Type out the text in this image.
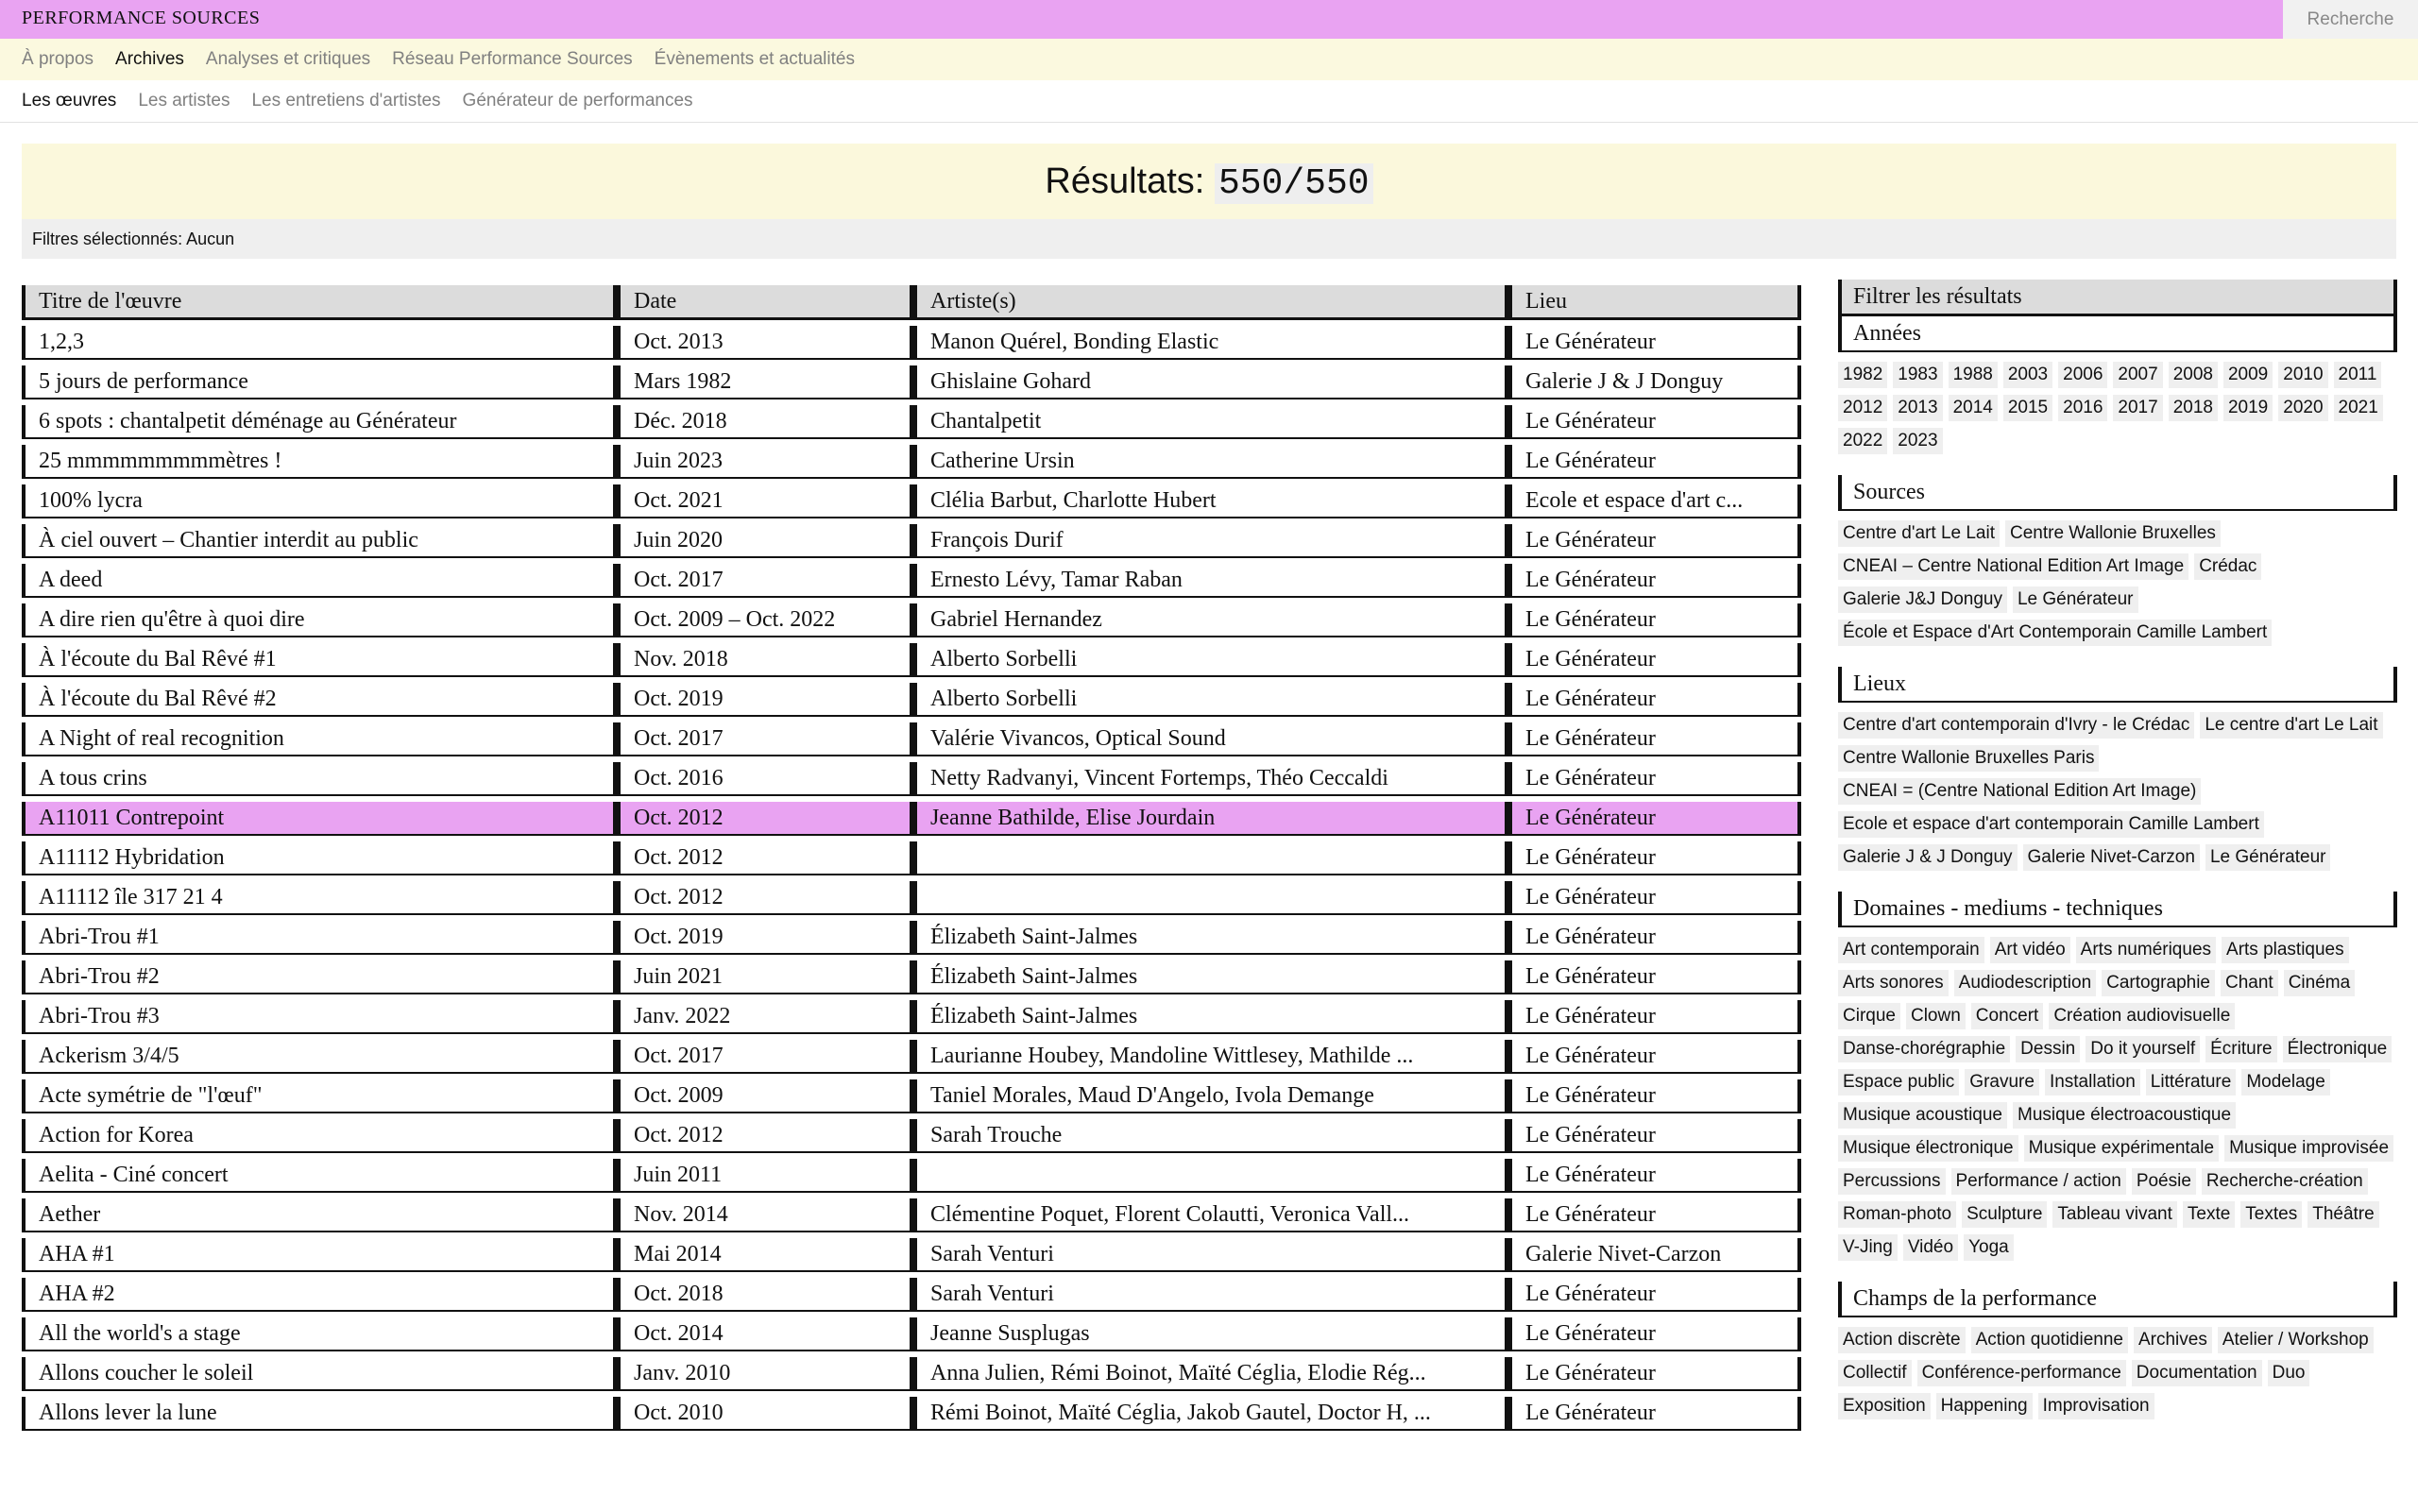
PERFORMANCE SOURCES	Recherche
À propos Archives Analyses et critiques Réseau Performance Sources Évènements et actualités
Les œuvres Les artistes Les entretiens d'artistes Générateur de performances
Résultats: 550/550
Filtres sélectionnés: Aucun
Titre de l'œuvre	Date	Artiste(s)	Lieu
1,2,3	Oct. 2013	Manon Quérel, Bonding Elastic	Le Générateur
5 jours de performance	Mars 1982	Ghislaine Gohard	Galerie J & J Donguy
6 spots : chantalpetit déménage au Générateur	Déc. 2018	Chantalpetit	Le Générateur
25 mmmmmmmmmètres !	Juin 2023	Catherine Ursin	Le Générateur
100% lycra	Oct. 2021	Clélia Barbut, Charlotte Hubert	Ecole et espace d'art c...
À ciel ouvert – Chantier interdit au public	Juin 2020	François Durif	Le Générateur
A deed	Oct. 2017	Ernesto Lévy, Tamar Raban	Le Générateur
A dire rien qu'être à quoi dire	Oct. 2009 – Oct. 2022	Gabriel Hernandez	Le Générateur
À l'écoute du Bal Rêvé #1	Nov. 2018	Alberto Sorbelli	Le Générateur
À l'écoute du Bal Rêvé #2	Oct. 2019	Alberto Sorbelli	Le Générateur
A Night of real recognition	Oct. 2017	Valérie Vivancos, Optical Sound	Le Générateur
A tous crins	Oct. 2016	Netty Radvanyi, Vincent Fortemps, Théo Ceccaldi	Le Générateur
A11011 Contrepoint	Oct. 2012	Jeanne Bathilde, Elise Jourdain	Le Générateur
A11112 Hybridation	Oct. 2012		Le Générateur
A11112 île 317 21 4	Oct. 2012		Le Générateur
Abri-Trou #1	Oct. 2019	Élizabeth Saint-Jalmes	Le Générateur
Abri-Trou #2	Juin 2021	Élizabeth Saint-Jalmes	Le Générateur
Abri-Trou #3	Janv. 2022	Élizabeth Saint-Jalmes	Le Générateur
Ackerism 3/4/5	Oct. 2017	Laurianne Houbey, Mandoline Wittlesey, Mathilde ...	Le Générateur
Acte symétrie de "l'œuf"	Oct. 2009	Taniel Morales, Maud D'Angelo, Ivola Demange	Le Générateur
Action for Korea	Oct. 2012	Sarah Trouche	Le Générateur
Aelita - Ciné concert	Juin 2011		Le Générateur
Aether	Nov. 2014	Clémentine Poquet, Florent Colautti, Veronica Vall...	Le Générateur
AHA #1	Mai 2014	Sarah Venturi	Galerie Nivet-Carzon
AHA #2	Oct. 2018	Sarah Venturi	Le Générateur
All the world's a stage	Oct. 2014	Jeanne Susplugas	Le Générateur
Allons coucher le soleil	Janv. 2010	Anna Julien, Rémi Boinot, Maïté Céglia, Elodie Rég...	Le Générateur
Allons lever la lune	Oct. 2010	Rémi Boinot, Maïté Céglia, Jakob Gautel, Doctor H, ...	Le Générateur
Filtrer les résultats
Années
1982 1983 1988 2003 2006 2007 2008 2009 2010 2011
2012 2013 2014 2015 2016 2017 2018 2019 2020 2021
2022 2023
Sources
Centre d'art Le Lait Centre Wallonie Bruxelles
CNEAI – Centre National Edition Art Image Crédac
Galerie J&J Donguy Le Générateur
École et Espace d'Art Contemporain Camille Lambert
Lieux
Centre d'art contemporain d'Ivry - le Crédac Le centre d'art Le Lait
Centre Wallonie Bruxelles Paris
CNEAI = (Centre National Edition Art Image)
Ecole et espace d'art contemporain Camille Lambert
Galerie J & J Donguy Galerie Nivet-Carzon Le Générateur
Domaines - mediums - techniques
Art contemporain Art vidéo Arts numériques Arts plastiques
Arts sonores Audiodescription Cartographie Chant Cinéma
Cirque Clown Concert Création audiovisuelle
Danse-chorégraphie Dessin Do it yourself Écriture Électronique
Espace public Gravure Installation Littérature Modelage
Musique acoustique Musique électroacoustique
Musique électronique Musique expérimentale Musique improvisée
Percussions Performance / action Poésie Recherche-création
Roman-photo Sculpture Tableau vivant Texte Textes Théâtre
V-Jing Vidéo Yoga
Champs de la performance
Action discrète Action quotidienne Archives Atelier / Workshop
Collectif Conférence-performance Documentation Duo
Exposition Happening Improvisation
